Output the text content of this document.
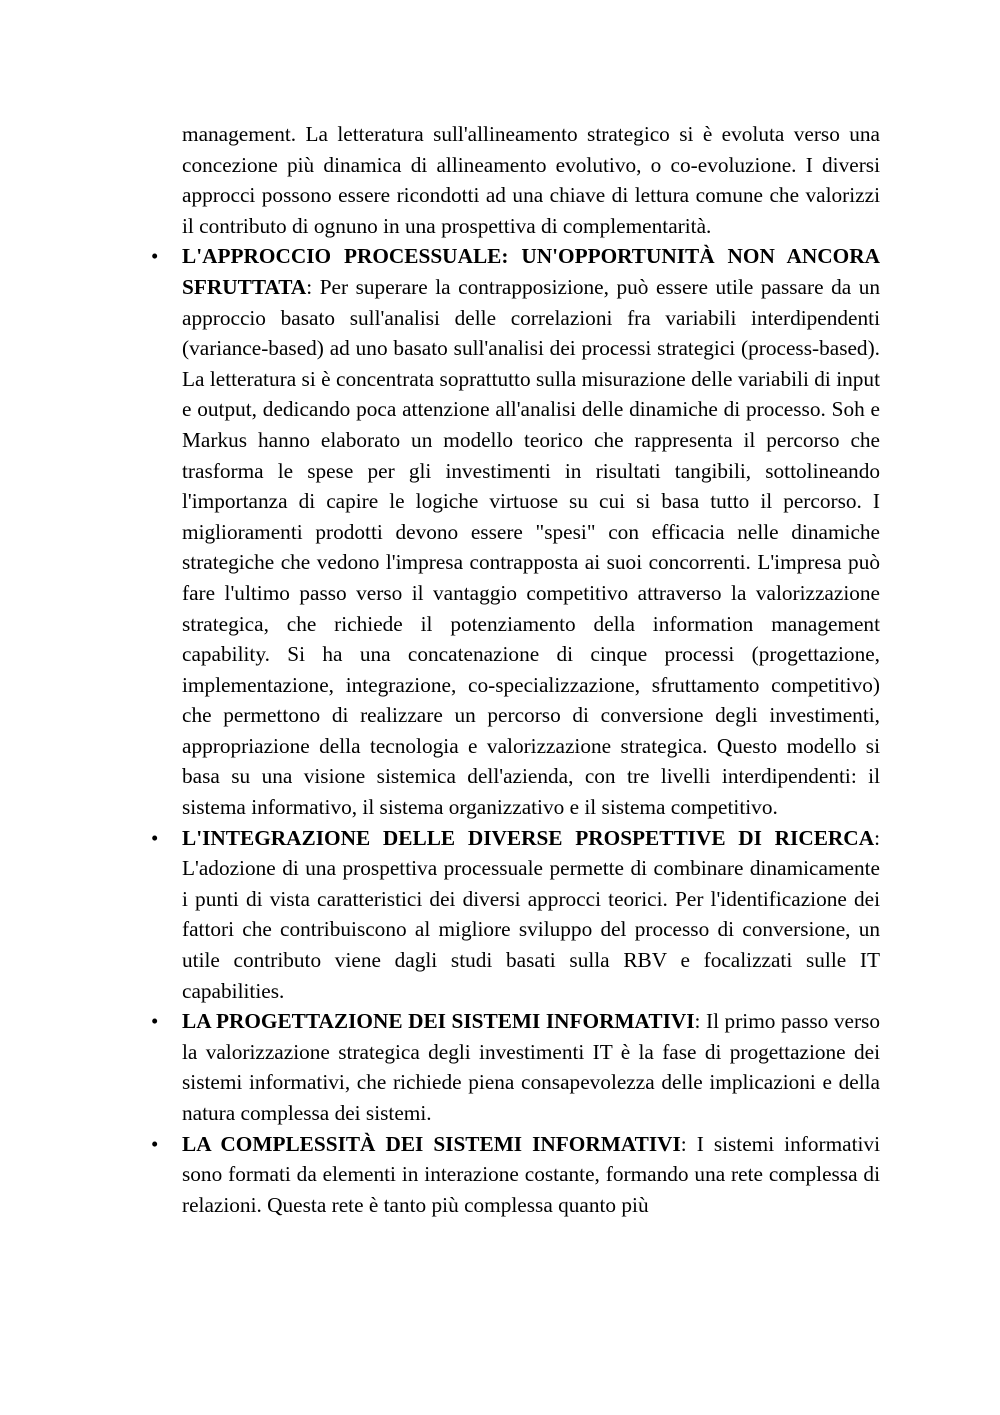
management. La letteratura sull'allineamento strategico si è evoluta verso una concezione più dinamica di allineamento evolutivo, o co-evoluzione. I diversi approcci possono essere ricondotti ad una chiave di lettura comune che valorizzi il contributo di ognuno in una prospettiva di complementarità.

• L'APPROCCIO PROCESSUALE: UN'OPPORTUNITÀ NON ANCORA SFRUTTATA: Per superare la contrapposizione, può essere utile passare da un approccio basato sull'analisi delle correlazioni fra variabili interdipendenti (variance-based) ad uno basato sull'analisi dei processi strategici (process-based). La letteratura si è concentrata soprattutto sulla misurazione delle variabili di input e output, dedicando poca attenzione all'analisi delle dinamiche di processo. Soh e Markus hanno elaborato un modello teorico che rappresenta il percorso che trasforma le spese per gli investimenti in risultati tangibili, sottolineando l'importanza di capire le logiche virtuose su cui si basa tutto il percorso. I miglioramenti prodotti devono essere "spesi" con efficacia nelle dinamiche strategiche che vedono l'impresa contrapposta ai suoi concorrenti. L'impresa può fare l'ultimo passo verso il vantaggio competitivo attraverso la valorizzazione strategica, che richiede il potenziamento della information management capability. Si ha una concatenazione di cinque processi (progettazione, implementazione, integrazione, co-specializzazione, sfruttamento competitivo) che permettono di realizzare un percorso di conversione degli investimenti, appropriazione della tecnologia e valorizzazione strategica. Questo modello si basa su una visione sistemica dell'azienda, con tre livelli interdipendenti: il sistema informativo, il sistema organizzativo e il sistema competitivo.
• L'INTEGRAZIONE DELLE DIVERSE PROSPETTIVE DI RICERCA: L'adozione di una prospettiva processuale permette di combinare dinamicamente i punti di vista caratteristici dei diversi approcci teorici. Per l'identificazione dei fattori che contribuiscono al migliore sviluppo del processo di conversione, un utile contributo viene dagli studi basati sulla RBV e focalizzati sulle IT capabilities.
• LA PROGETTAZIONE DEI SISTEMI INFORMATIVI: Il primo passo verso la valorizzazione strategica degli investimenti IT è la fase di progettazione dei sistemi informativi, che richiede piena consapevolezza delle implicazioni e della natura complessa dei sistemi.
• LA COMPLESSITÀ DEI SISTEMI INFORMATIVI: I sistemi informativi sono formati da elementi in interazione costante, formando una rete complessa di relazioni. Questa rete è tanto più complessa quanto più
